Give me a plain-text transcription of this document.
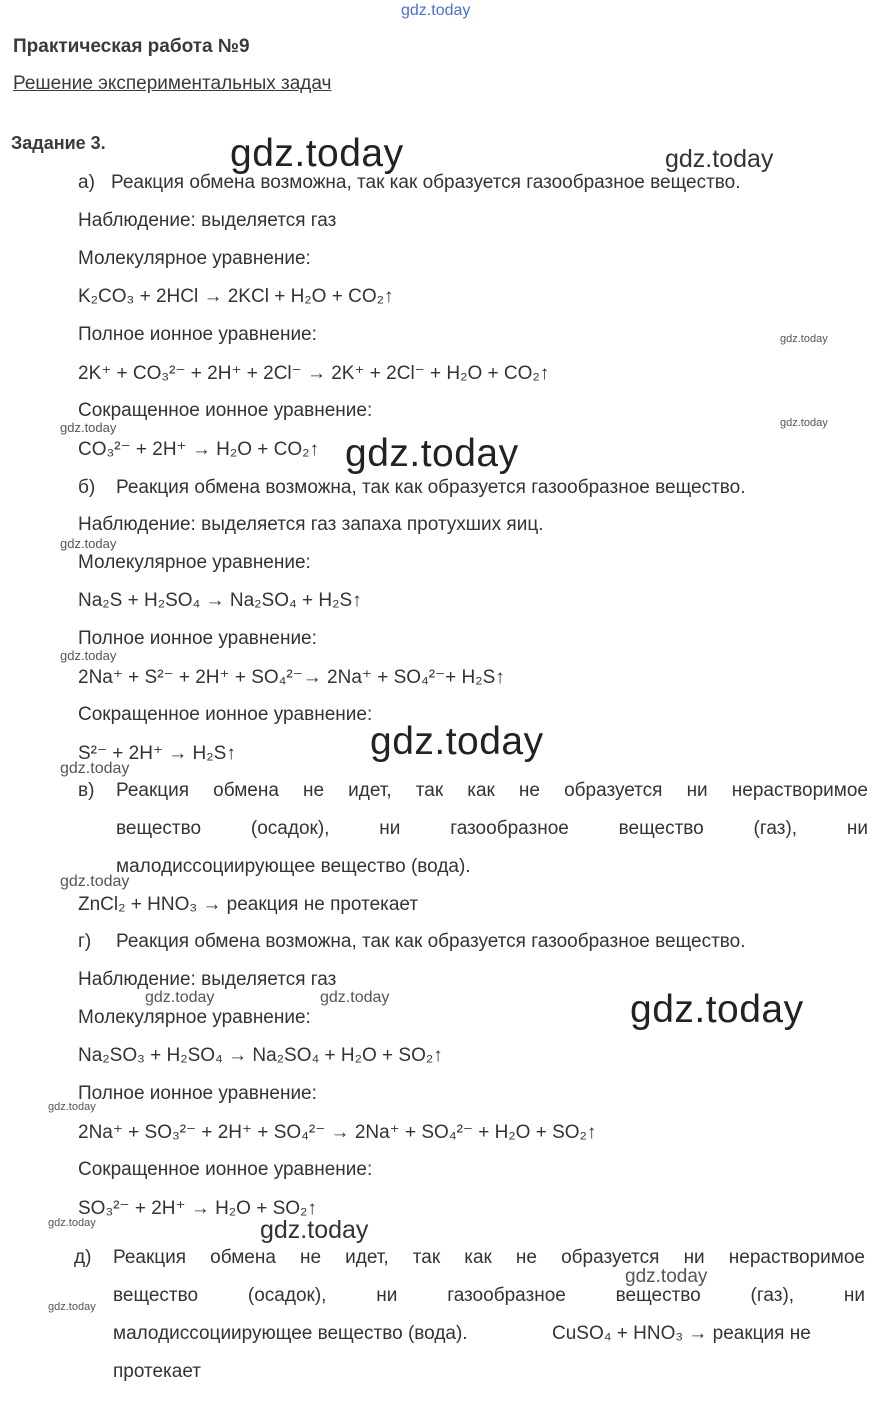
gdz.today
Практическая работа №9
Решение экспериментальных задач
Задание 3.
а) Реакция обмена возможна, так как образуется газообразное вещество.
Наблюдение: выделяется газ
Молекулярное уравнение:
K₂CO₃ + 2HCl → 2KCl + H₂O + CO₂↑
Полное ионное уравнение:
2K⁺ + CO₃²⁻ + 2H⁺ + 2Cl⁻ → 2K⁺ + 2Cl⁻ + H₂O + CO₂↑
Сокращенное ионное уравнение:
CO₃²⁻ + 2H⁺ → H₂O + CO₂↑
б) Реакция обмена возможна, так как образуется газообразное вещество.
Наблюдение: выделяется газ запаха протухших яиц.
Молекулярное уравнение:
Na₂S + H₂SO₄ → Na₂SO₄ + H₂S↑
Полное ионное уравнение:
2Na⁺ + S²⁻ + 2H⁺ + SO₄²⁻→ 2Na⁺ + SO₄²⁻+ H₂S↑
Сокращенное ионное уравнение:
S²⁻ + 2H⁺ → H₂S↑
в) Реакция обмена не идет, так как не образуется ни нерастворимое
вещество (осадок), ни газообразное вещество (газ), ни
малодиссоциирующее вещество (вода).
ZnCl₂ + HNO₃ → реакция не протекает
г) Реакция обмена возможна, так как образуется газообразное вещество.
Наблюдение: выделяется газ
Молекулярное уравнение:
Na₂SO₃ + H₂SO₄ → Na₂SO₄ + H₂O + SO₂↑
Полное ионное уравнение:
2Na⁺ + SO₃²⁻ + 2H⁺ + SO₄²⁻ → 2Na⁺ + SO₄²⁻ + H₂O + SO₂↑
Сокращенное ионное уравнение:
SO₃²⁻ + 2H⁺ → H₂O + SO₂↑
д) Реакция обмена не идет, так как не образуется ни нерастворимое
вещество (осадок), ни газообразное вещество (газ), ни
малодиссоциирующее вещество (вода).	CuSO₄ + HNO₃ → реакция не
протекает
gdz.today	gdz.today
gdz.today
gdz.today
gdz.today
gdz.today
gdz.today
gdz.today
gdz.today
gdz.today
gdz.today
gdz.today	gdz.today	gdz.today
gdz.today
gdz.today	gdz.today
gdz.today
gdz.today
